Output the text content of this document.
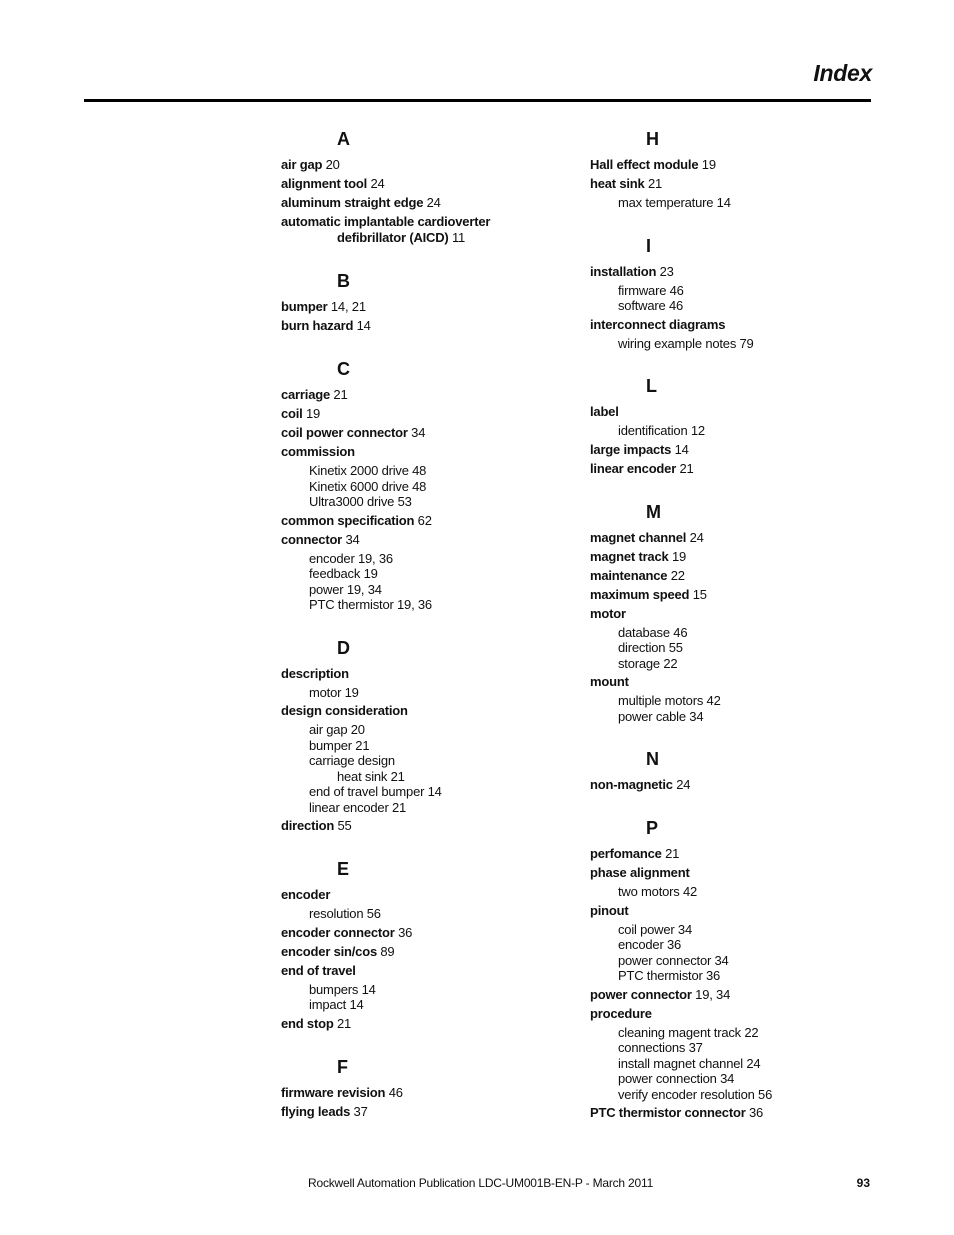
Index
A
air gap 20
alignment tool 24
aluminum straight edge 24
automatic implantable cardioverter
defibrillator (AICD) 11
B
bumper 14, 21
burn hazard 14
C
carriage 21
coil 19
coil power connector 34
commission
Kinetix 2000 drive 48
Kinetix 6000 drive 48
Ultra3000 drive 53
common specification 62
connector 34
encoder 19, 36
feedback 19
power 19, 34
PTC thermistor 19, 36
D
description
motor 19
design consideration
air gap 20
bumper 21
carriage design
heat sink 21
end of travel bumper 14
linear encoder 21
direction 55
E
encoder
resolution 56
encoder connector 36
encoder sin/cos 89
end of travel
bumpers 14
impact 14
end stop 21
F
firmware revision 46
flying leads 37
H
Hall effect module 19
heat sink 21
max temperature 14
I
installation 23
firmware 46
software 46
interconnect diagrams
wiring example notes 79
L
label
identification 12
large impacts 14
linear encoder 21
M
magnet channel 24
magnet track 19
maintenance 22
maximum speed 15
motor
database 46
direction 55
storage 22
mount
multiple motors 42
power cable 34
N
non-magnetic 24
P
perfomance 21
phase alignment
two motors 42
pinout
coil power 34
encoder 36
power connector 34
PTC thermistor 36
power connector 19, 34
procedure
cleaning magent track 22
connections 37
install magnet channel 24
power connection 34
verify encoder resolution 56
PTC thermistor connector 36
Rockwell Automation Publication LDC-UM001B-EN-P - March 2011	93
